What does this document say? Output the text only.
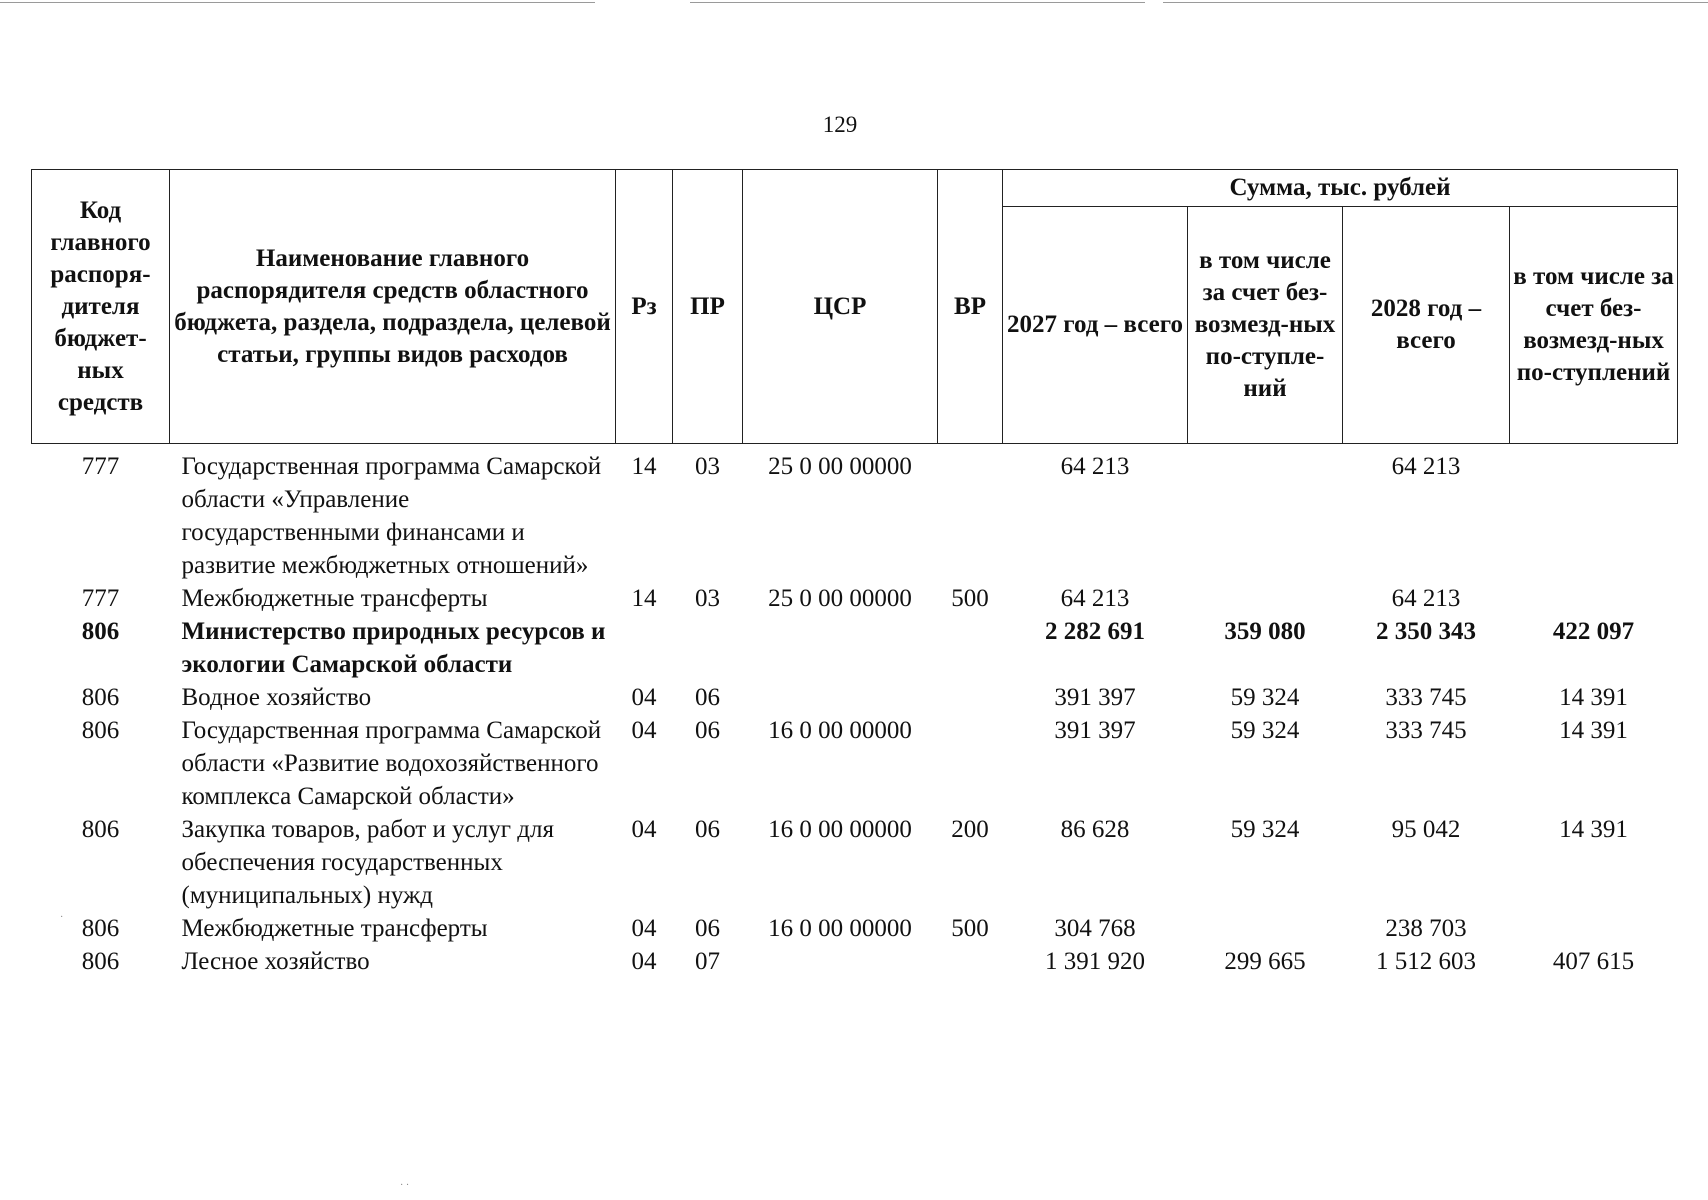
129
Код главного распоря-дителя бюджет-ных средств	Наименование главного распорядителя средств областного бюджета, раздела, подраздела, целевой статьи, группы видов расходов	Рз	ПР	ЦСР	ВР	Сумма, тыс. рублей			
						2027 год – всего	в том числе за счет без-возмезд-ных по-ступле-ний	2028 год – всего	в том числе за счет без-возмезд-ных по-ступлений
777	Государственная программа Самарской области «Управление государственными финансами и развитие межбюджетных отношений»	14	03	25 0 00 00000		64 213		64 213	
777	Межбюджетные трансферты	14	03	25 0 00 00000	500	64 213		64 213	
806	Министерство природных ресурсов и экологии Самарской области					2 282 691	359 080	2 350 343	422 097
806	Водное хозяйство	04	06			391 397	59 324	333 745	14 391
806	Государственная программа Самарской области «Развитие водохозяйственного комплекса Самарской области»	04	06	16 0 00 00000		391 397	59 324	333 745	14 391
806	Закупка товаров, работ и услуг для обеспечения государственных (муниципальных) нужд	04	06	16 0 00 00000	200	86 628	59 324	95 042	14 391
806	Межбюджетные трансферты	04	06	16 0 00 00000	500	304 768		238 703	
806	Лесное хозяйство	04	07			1 391 920	299 665	1 512 603	407 615
·
· ·
